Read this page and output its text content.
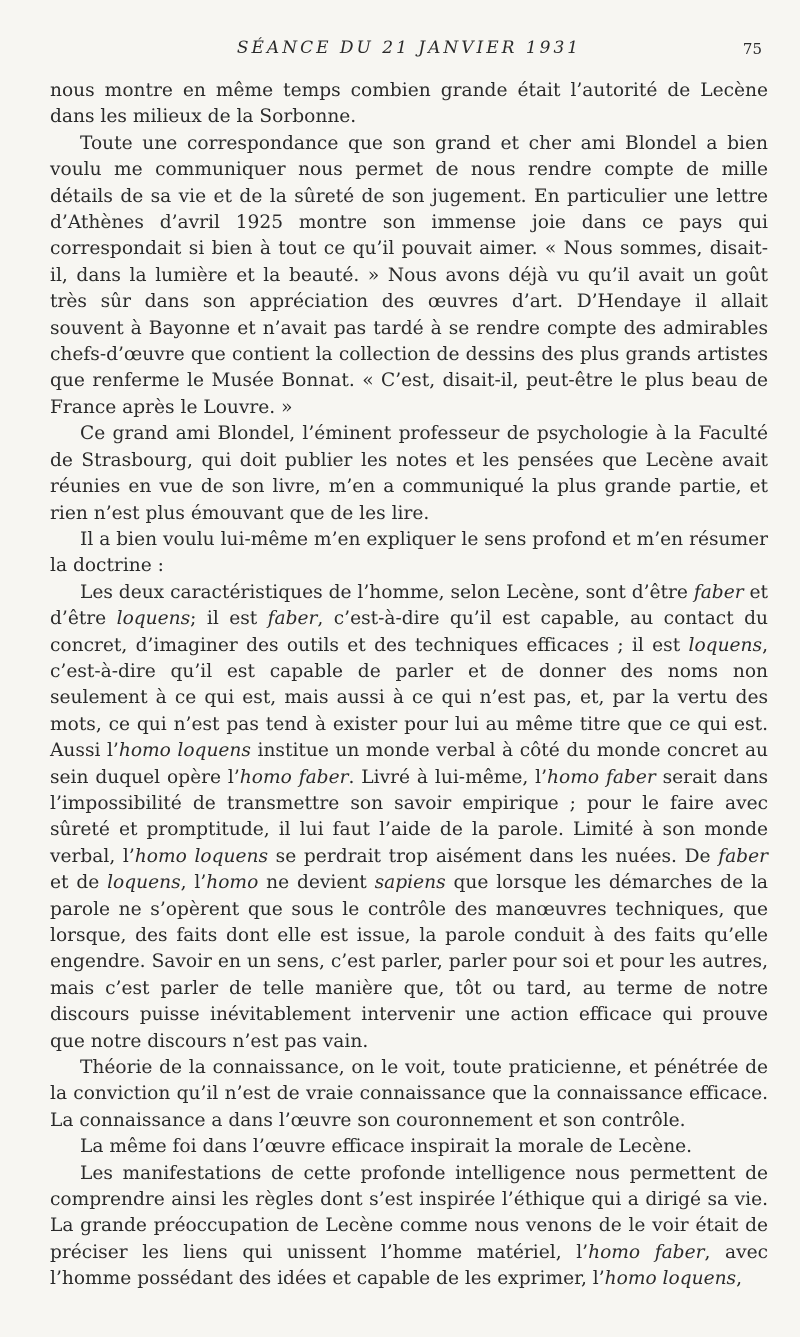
SÉANCE DU 21 JANVIER 1931	75

nous montre en même temps combien grande était l’autorité de Lecène dans les milieux de la Sorbonne.

Toute une correspondance que son grand et cher ami Blondel a bien voulu me communiquer nous permet de nous rendre compte de mille détails de sa vie et de la sûreté de son jugement. En particulier une lettre d’Athènes d’avril 1925 montre son immense joie dans ce pays qui correspondait si bien à tout ce qu’il pouvait aimer. « Nous sommes, disait-il, dans la lumière et la beauté. » Nous avons déjà vu qu’il avait un goût très sûr dans son appréciation des œuvres d’art. D’Hendaye il allait souvent à Bayonne et n’avait pas tardé à se rendre compte des admirables chefs-d’œuvre que contient la collection de dessins des plus grands artistes que renferme le Musée Bonnat. « C’est, disait-il, peut-être le plus beau de France après le Louvre. »

Ce grand ami Blondel, l’éminent professeur de psychologie à la Faculté de Strasbourg, qui doit publier les notes et les pensées que Lecène avait réunies en vue de son livre, m’en a communiqué la plus grande partie, et rien n’est plus émouvant que de les lire.

Il a bien voulu lui-même m’en expliquer le sens profond et m’en résumer la doctrine :

Les deux caractéristiques de l’homme, selon Lecène, sont d’être faber et d’être loquens; il est faber, c’est-à-dire qu’il est capable, au contact du concret, d’imaginer des outils et des techniques efficaces ; il est loquens, c’est-à-dire qu’il est capable de parler et de donner des noms non seulement à ce qui est, mais aussi à ce qui n’est pas, et, par la vertu des mots, ce qui n’est pas tend à exister pour lui au même titre que ce qui est. Aussi l’homo loquens institue un monde verbal à côté du monde concret au sein duquel opère l’homo faber. Livré à lui-même, l’homo faber serait dans l’impossibilité de transmettre son savoir empirique ; pour le faire avec sûreté et promptitude, il lui faut l’aide de la parole. Limité à son monde verbal, l’homo loquens se perdrait trop aisément dans les nuées. De faber et de loquens, l’homo ne devient sapiens que lorsque les démarches de la parole ne s’opèrent que sous le contrôle des manœuvres techniques, que lorsque, des faits dont elle est issue, la parole conduit à des faits qu’elle engendre. Savoir en un sens, c’est parler, parler pour soi et pour les autres, mais c’est parler de telle manière que, tôt ou tard, au terme de notre discours puisse inévitablement intervenir une action efficace qui prouve que notre discours n’est pas vain.

Théorie de la connaissance, on le voit, toute praticienne, et pénétrée de la conviction qu’il n’est de vraie connaissance que la connaissance efficace. La connaissance a dans l’œuvre son couronnement et son contrôle.

La même foi dans l’œuvre efficace inspirait la morale de Lecène.

Les manifestations de cette profonde intelligence nous permettent de comprendre ainsi les règles dont s’est inspirée l’éthique qui a dirigé sa vie. La grande préoccupation de Lecène comme nous venons de le voir était de préciser les liens qui unissent l’homme matériel, l’homo faber, avec l’homme possédant des idées et capable de les exprimer, l’homo loquens,
